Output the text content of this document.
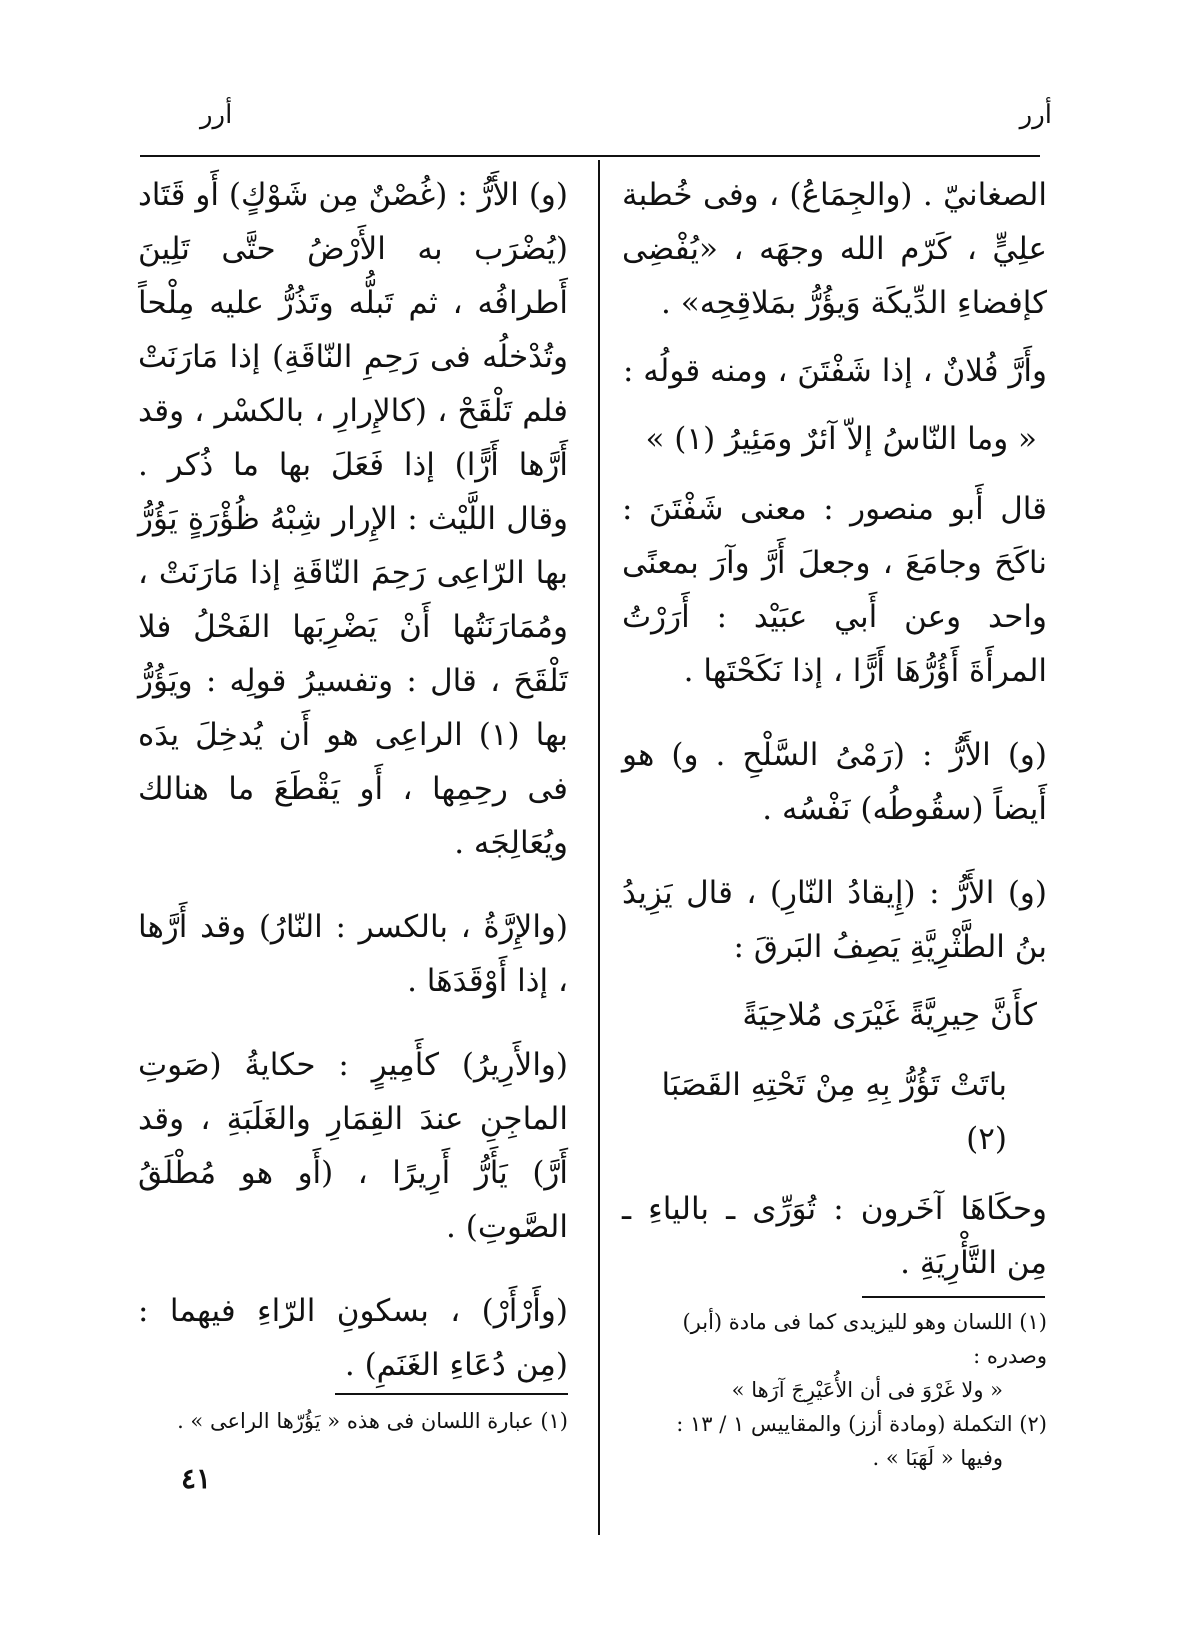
أرر
أرر

الصغانيّ . (والجِمَاعُ) ، وفى خُطبة علِيٍّ ، كَرّم الله وجهَه ، «يُفْضِى كإفضاءِ الدِّيكَة وَيؤُرُّ بمَلاقِحِه» .

وأَرَّ فُلانٌ ، إذا شَفْتَنَ ، ومنه قولُه :

« وما النّاسُ إلاّ آئرٌ ومَئِيرُ (١) »

قال أَبو منصور : معنى شَفْتَنَ : ناكَحَ وجامَعَ ، وجعلَ أَرَّ وآرَ بمعنًى واحد وعن أَبي عبَيْد : أَرَرْتُ المرأَةَ أَؤُرُّهَا أَرًّا ، إذا نَكَحْتَها .

(و) الأَرُّ : (رَمْىُ السَّلْحِ . و) هو أَيضاً (سقُوطُه) نَفْسُه .

(و) الأَرُّ : (إِيقادُ النّارِ) ، قال يَزِيدُ بنُ الطَّثْرِيَّةِ يَصِفُ البَرقَ :

كأَنَّ حِيرِيَّةً غَيْرَى مُلاحِيَةً

باتَتْ تَؤُرُّ بِهِ مِنْ تَحْتِهِ القَصَبَا (٢)

وحكَاهَا آخَرون : تُوَرِّى ـ بالياءِ ـ مِن التَّأْرِيَةِ .

(١) اللسان وهو لليزيدى كما فى مادة (أبر) وصدره :

« ولا غَرْوَ فى أن الأُعَيْرِجَ آرَها »

(٢) التكملة (ومادة أزز) والمقاييس ١ / ١٣ :

وفيها « لَهَبَا » .

(و) الأَرُّ : (غُصْنٌ مِن شَوْكٍ) أَو قَتَاد (يُضْرَب به الأَرْضُ حتَّى تَلِينَ أَطرافُه ، ثم تَبلُّه وتَذُرُّ عليه مِلْحاً وتُدْخلُه فى رَحِمِ النّاقَةِ) إذا مَارَنَتْ فلم تَلْقَحْ ، (كالإِرارِ ، بالكسْر ، وقد أَرَّها أَرًّا) إذا فَعَلَ بها ما ذُكر . وقال اللَّيْث : الإِرار شِبْهُ ظُؤْرَةٍ يَؤُرُّ بها الرّاعِى رَحِمَ النّاقَةِ إذا مَارَنَتْ ، ومُمَارَنَتُها أَنْ يَضْرِبَها الفَحْلُ فلا تَلْقَحَ ، قال : وتفسيرُ قولِه : ويَؤُرُّ بها (١) الراعِى هو أَن يُدخِلَ يدَه فى رحِمِها ، أَو يَقْطَعَ ما هنالك ويُعَالِجَه .

(والإِرَّةُ ، بالكسر : النّارُ) وقد أَرَّها ، إذا أَوْقَدَهَا .

(والأَرِيرُ) كأَمِيرٍ : حكايةُ (صَوتِ الماجِنِ عندَ القِمَارِ والغَلَبَةِ ، وقد أَرَّ) يَأَرُّ أَرِيرًا ، (أَو هو مُطْلَقُ الصَّوتِ) .

(وأَرْأَرْ) ، بسكونِ الرّاءِ فيهما : (مِن دُعَاءِ الغَنَمِ) .

(١) عبارة اللسان فى هذه « يَؤُرّها الراعى » .

٤١
